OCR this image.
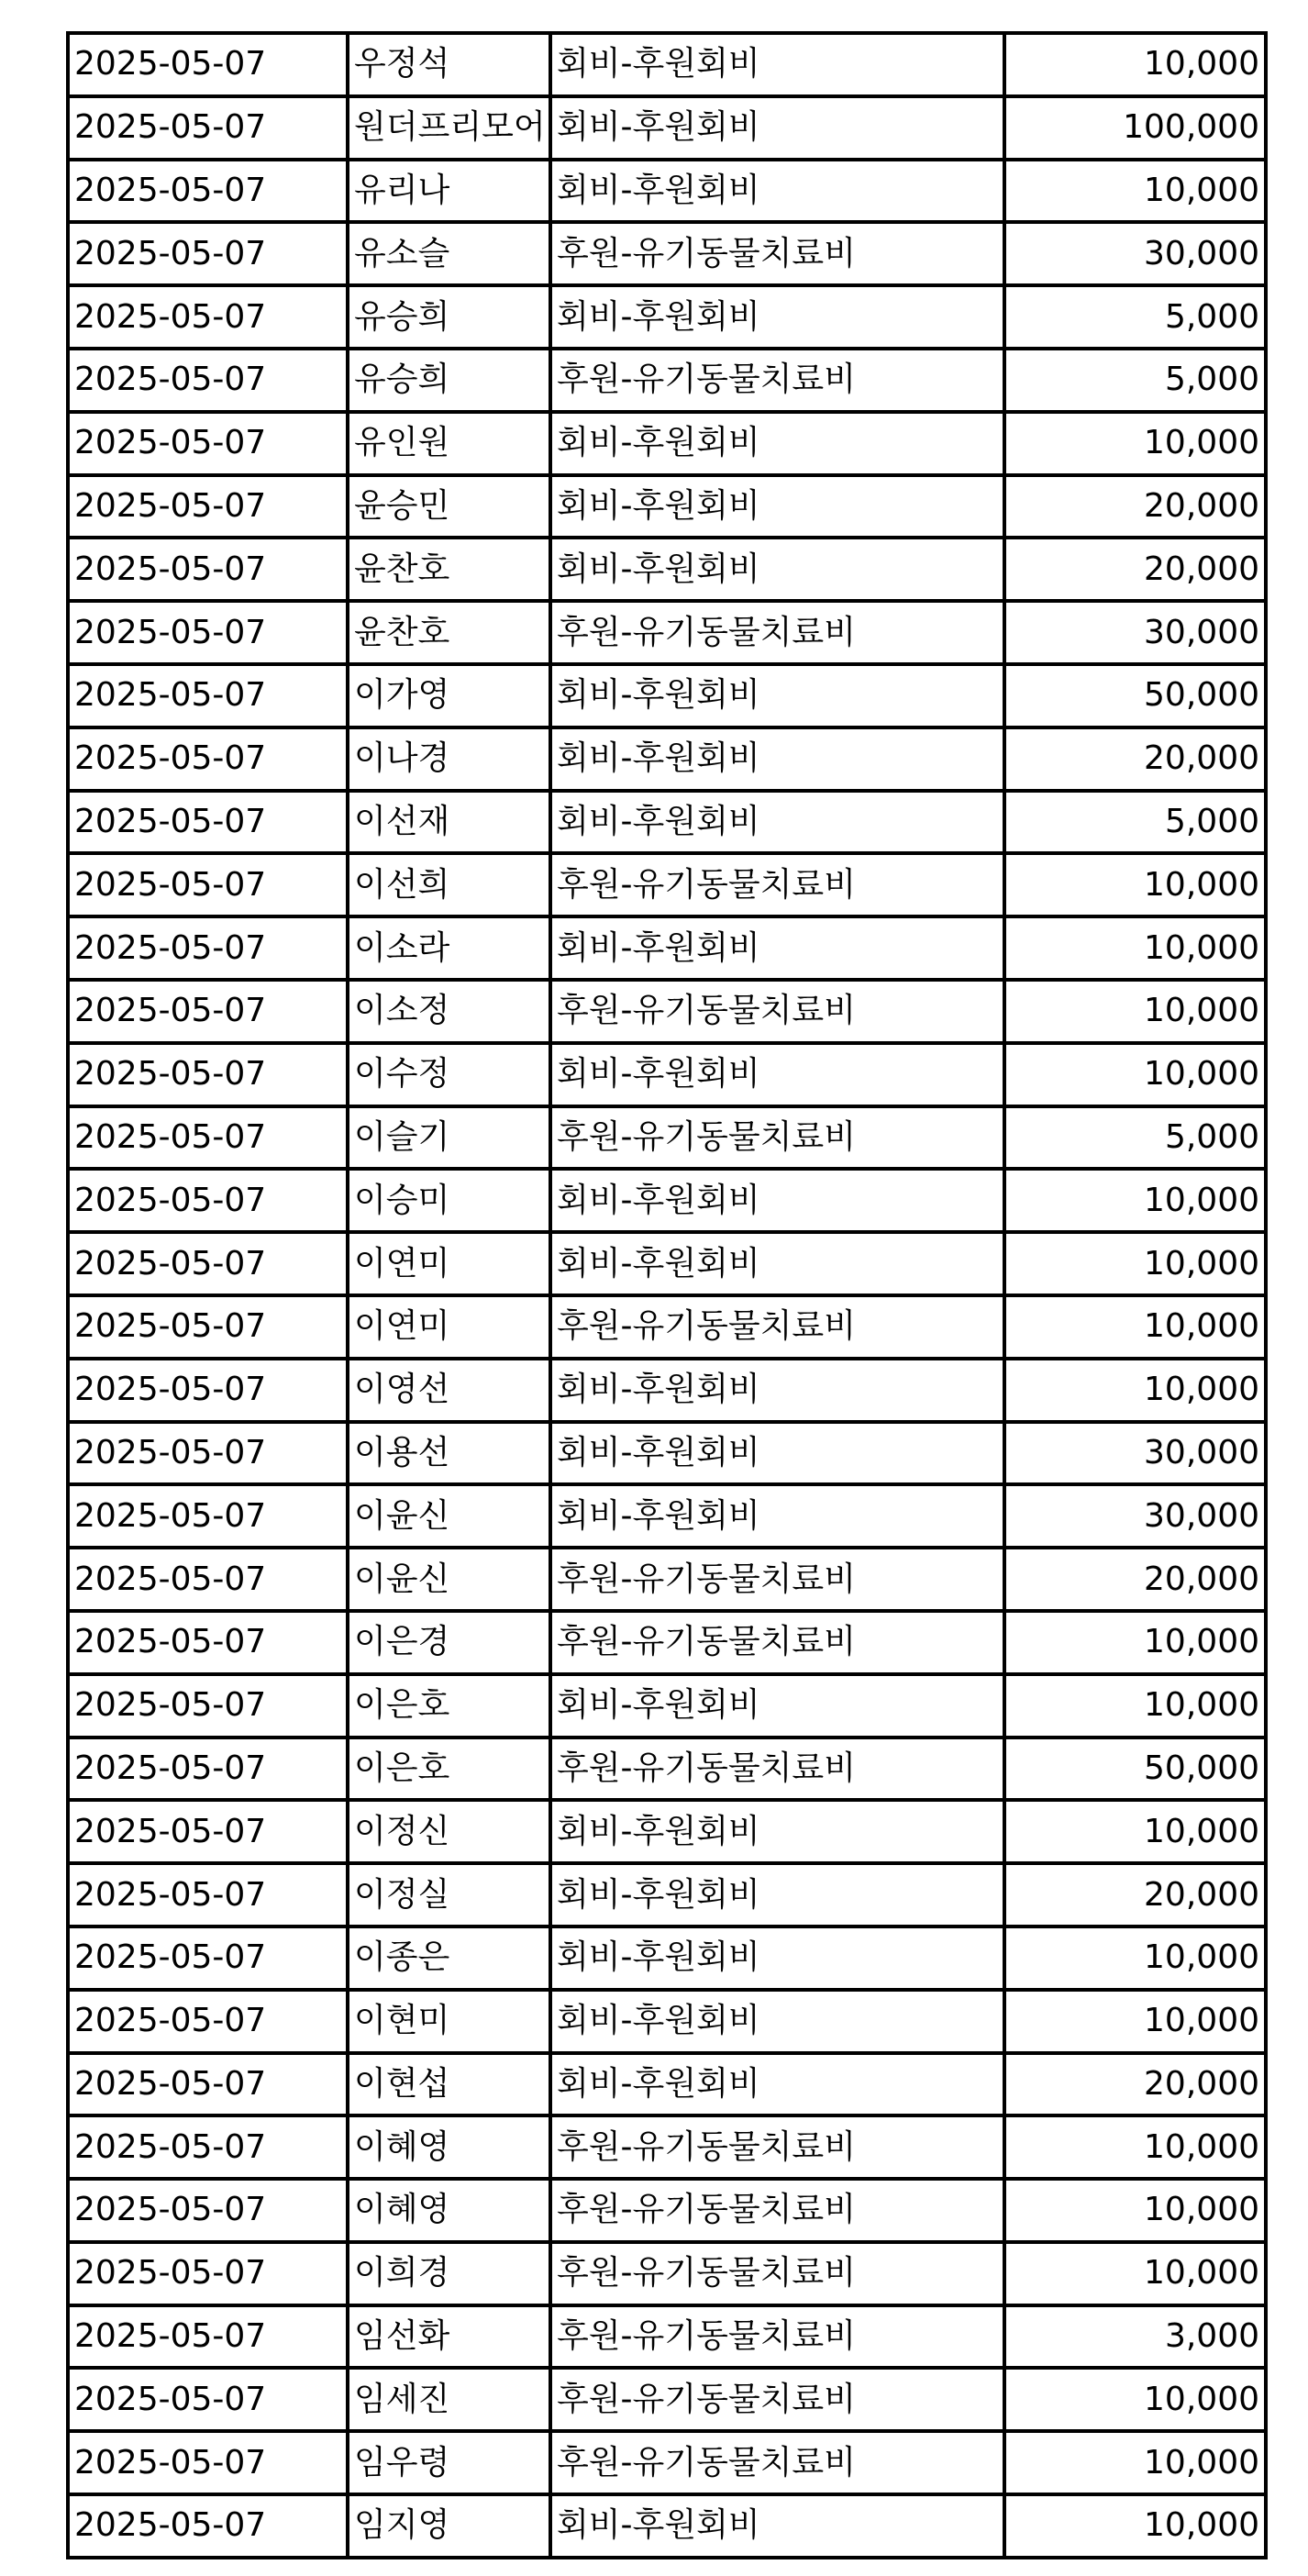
2025-05-07	우정석	회비-후원회비	10,000
2025-05-07	원더프리모어	회비-후원회비	100,000
2025-05-07	유리나	회비-후원회비	10,000
2025-05-07	유소슬	후원-유기동물치료비	30,000
2025-05-07	유승희	회비-후원회비	5,000
2025-05-07	유승희	후원-유기동물치료비	5,000
2025-05-07	유인원	회비-후원회비	10,000
2025-05-07	윤승민	회비-후원회비	20,000
2025-05-07	윤찬호	회비-후원회비	20,000
2025-05-07	윤찬호	후원-유기동물치료비	30,000
2025-05-07	이가영	회비-후원회비	50,000
2025-05-07	이나경	회비-후원회비	20,000
2025-05-07	이선재	회비-후원회비	5,000
2025-05-07	이선희	후원-유기동물치료비	10,000
2025-05-07	이소라	회비-후원회비	10,000
2025-05-07	이소정	후원-유기동물치료비	10,000
2025-05-07	이수정	회비-후원회비	10,000
2025-05-07	이슬기	후원-유기동물치료비	5,000
2025-05-07	이승미	회비-후원회비	10,000
2025-05-07	이연미	회비-후원회비	10,000
2025-05-07	이연미	후원-유기동물치료비	10,000
2025-05-07	이영선	회비-후원회비	10,000
2025-05-07	이용선	회비-후원회비	30,000
2025-05-07	이윤신	회비-후원회비	30,000
2025-05-07	이윤신	후원-유기동물치료비	20,000
2025-05-07	이은경	후원-유기동물치료비	10,000
2025-05-07	이은호	회비-후원회비	10,000
2025-05-07	이은호	후원-유기동물치료비	50,000
2025-05-07	이정신	회비-후원회비	10,000
2025-05-07	이정실	회비-후원회비	20,000
2025-05-07	이종은	회비-후원회비	10,000
2025-05-07	이현미	회비-후원회비	10,000
2025-05-07	이현섭	회비-후원회비	20,000
2025-05-07	이혜영	후원-유기동물치료비	10,000
2025-05-07	이혜영	후원-유기동물치료비	10,000
2025-05-07	이희경	후원-유기동물치료비	10,000
2025-05-07	임선화	후원-유기동물치료비	3,000
2025-05-07	임세진	후원-유기동물치료비	10,000
2025-05-07	임우령	후원-유기동물치료비	10,000
2025-05-07	임지영	회비-후원회비	10,000
